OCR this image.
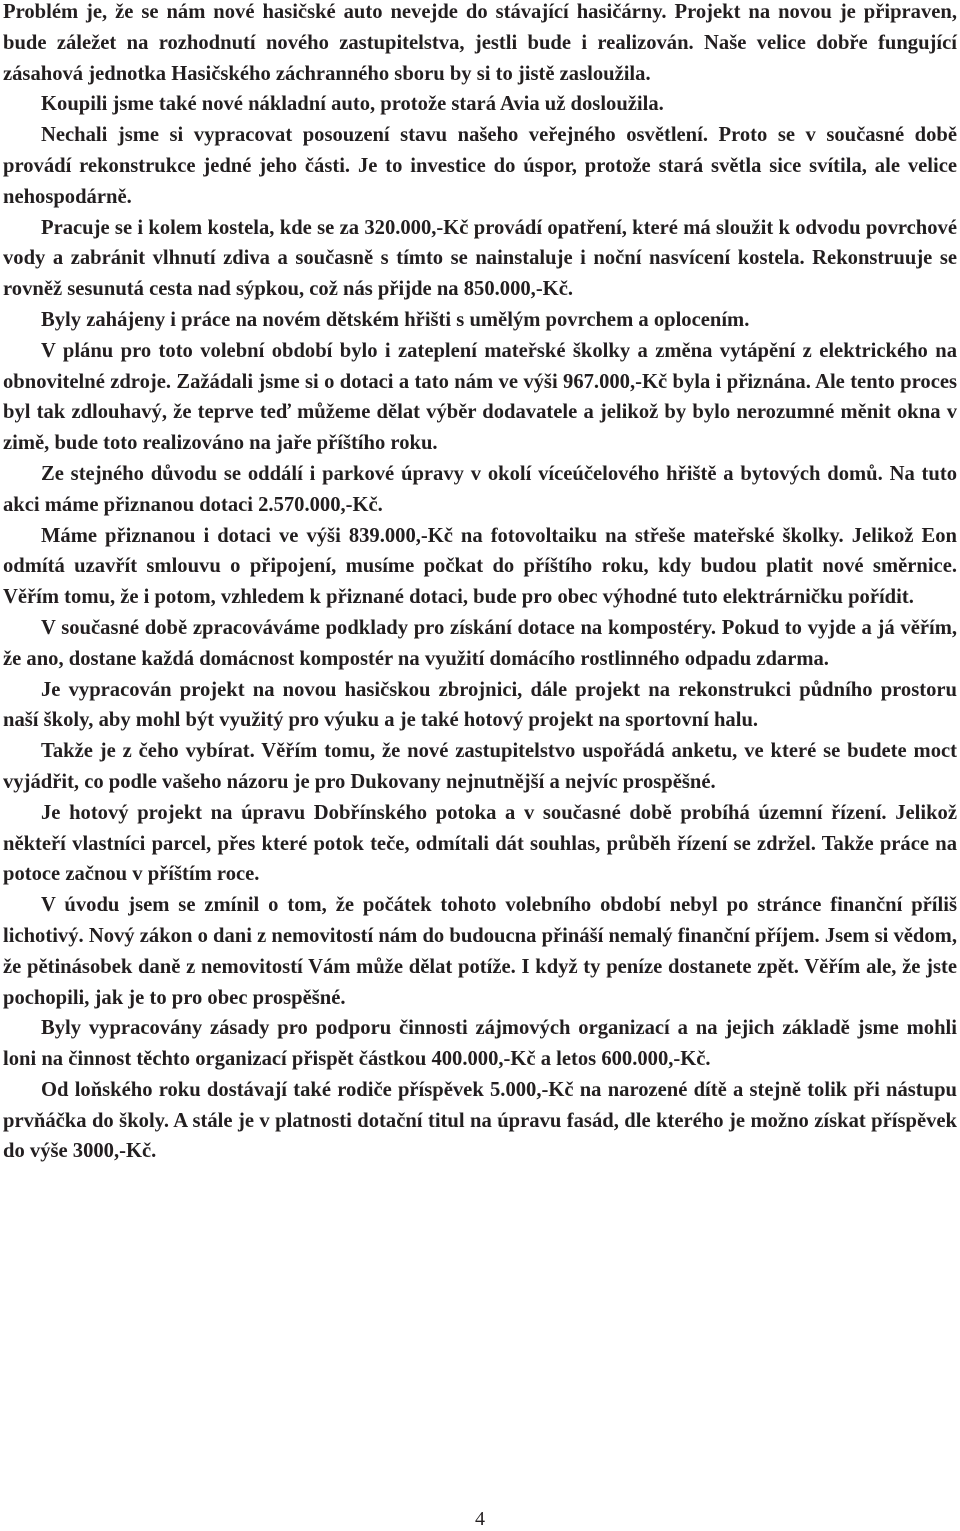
Problém je, že se nám nové hasičské auto nevejde do stávající hasičárny. Projekt na novou je připraven, bude záležet na rozhodnutí nového zastupitelstva, jestli bude i realizován. Naše velice dobře fungující zásahová jednotka Hasičského záchranného sboru by si to jistě zasloužila.

Koupili jsme také nové nákladní auto, protože stará Avia už dosloužila.

Nechali jsme si vypracovat posouzení stavu našeho veřejného osvětlení. Proto se v současné době provádí rekonstrukce jedné jeho části. Je to investice do úspor, protože stará světla sice svítila, ale velice nehospodárně.

Pracuje se i kolem kostela, kde se za 320.000,-Kč provádí opatření, které má sloužit k odvodu povrchové vody a zabránit vlhnutí zdiva a současně s tímto se nainstaluje i noční nasvícení kostela. Rekonstruuje se rovněž sesunutá cesta nad sýpkou, což nás přijde na 850.000,-Kč.

Byly zahájeny i práce na novém dětském hřišti s umělým povrchem a oplocením.

V plánu pro toto volební období bylo i zateplení mateřské školky a změna vytápění z elektrického na obnovitelné zdroje. Zažádali jsme si o dotaci a tato nám ve výši 967.000,-Kč byla i přiznána. Ale tento proces byl tak zdlouhavý, že teprve teď můžeme dělat výběr dodavatele a jelikož by bylo nerozumné měnit okna v zimě, bude toto realizováno na jaře příštího roku.

Ze stejného důvodu se oddálí i parkové úpravy v okolí víceúčelového hřiště a bytových domů. Na tuto akci máme přiznanou dotaci 2.570.000,-Kč.

Máme přiznanou i dotaci ve výši 839.000,-Kč na fotovoltaiku na střeše mateřské školky. Jelikož Eon odmítá uzavřít smlouvu o připojení, musíme počkat do příštího roku, kdy budou platit nové směrnice. Věřím tomu, že i potom, vzhledem k přiznané dotaci, bude pro obec výhodné tuto elektrárničku pořídit.

V současné době zpracováváme podklady pro získání dotace na kompostéry. Pokud to vyjde a já věřím, že ano, dostane každá domácnost kompostér na využití domácího rostlinného odpadu zdarma.

Je vypracován projekt na novou hasičskou zbrojnici, dále projekt na rekonstrukci půdního prostoru naší školy, aby mohl být využitý pro výuku a je také hotový projekt na sportovní halu.

Takže je z čeho vybírat. Věřím tomu, že nové zastupitelstvo uspořádá anketu, ve které se budete moct vyjádřit, co podle vašeho názoru je pro Dukovany nejnutnější a nejvíc prospěšné.

Je hotový projekt na úpravu Dobřínského potoka a v současné době probíhá územní řízení. Jelikož někteří vlastníci parcel, přes které potok teče, odmítali dát souhlas, průběh řízení se zdržel. Takže práce na potoce začnou v příštím roce.

V úvodu jsem se zmínil o tom, že počátek tohoto volebního období nebyl po stránce finanční příliš lichotivý. Nový zákon o dani z nemovitostí nám do budoucna přináší nemalý finanční příjem. Jsem si vědom, že pětinásobek daně z nemovitostí Vám může dělat potíže. I když ty peníze dostanete zpět. Věřím ale, že jste pochopili, jak je to pro obec prospěšné.

Byly vypracovány zásady pro podporu činnosti zájmových organizací a na jejich základě jsme mohli loni na činnost těchto organizací přispět částkou 400.000,-Kč a letos 600.000,-Kč.

Od loňského roku dostávají také rodiče příspěvek 5.000,-Kč na narozené dítě a stejně tolik při nástupu prvňáčka do školy. A stále je v platnosti dotační titul na úpravu fasád, dle kterého je možno získat příspěvek do výše 3000,-Kč.

4
